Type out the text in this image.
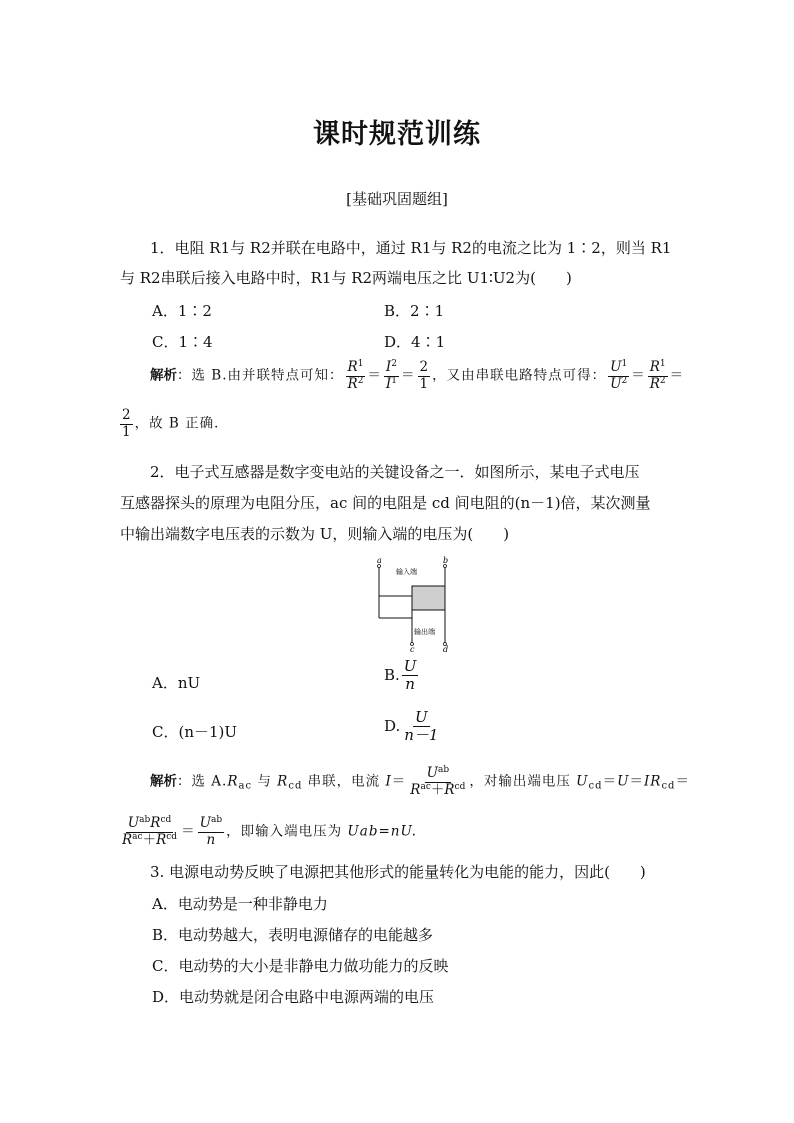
课时规范训练
[基础巩固题组]
1．电阻 R1与 R2并联在电路中，通过 R1与 R2的电流之比为 1∶2，则当 R1
与 R2串联后接入电路中时，R1与 R2两端电压之比 U1∶U2为(　　)
A．1∶2	B．2∶1
C．1∶4	D．4∶1
解析：选 B.由并联特点可知： $\frac{R^1}{R^2} = \frac{I^2}{I^1} = \frac{2}{1}$ ，又由串联电路特点可得： $\frac{U^1}{U^2} = \frac{R^1}{R^2}$ ＝
$\frac{2}{1}$ ，故 B 正确．
2．电子式互感器是数字变电站的关键设备之一．如图所示，某电子式电压
互感器探头的原理为电阻分压，ac 间的电阻是 cd 间电阻的(n－1)倍，某次测量
中输出端数字电压表的示数为 U，则输入端的电压为(　　)
a	b
c	d
输入端
输出端
A．nU	B. $\frac{U}{n}$
C．(n－1)U	D. $\frac{U}{n-1}$
解析：选 $A.R_{ac}$ 与 $R_{cd}$ 串联，电流 $I= \frac{U^{ab}}{R^{ac}+R^{cd}}$ ，对输出端电压 $U_{cd}=U=IR_{cd}=$
$\frac{U^{ab}R^{cd}}{R^{ac}+R^{cd}} = \frac{U^{ab}}{n}$ ，即输入端电压为 Uab=nU.
3. 电源电动势反映了电源把其他形式的能量转化为电能的能力，因此(　　)
A．电动势是一种非静电力
B．电动势越大，表明电源储存的电能越多
C．电动势的大小是非静电力做功能力的反映
D．电动势就是闭合电路中电源两端的电压
